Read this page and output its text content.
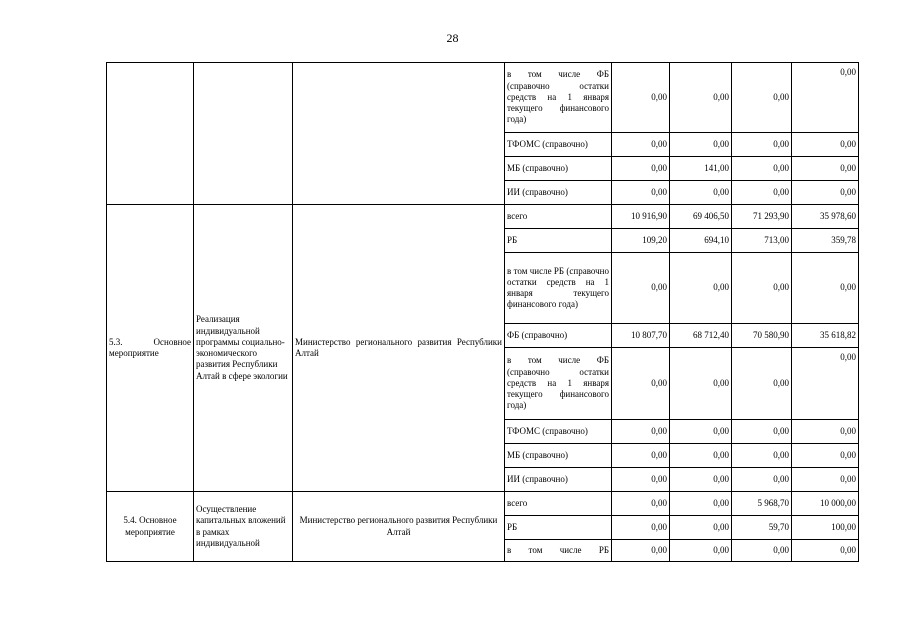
28
			в том числе ФБ (справочно остатки средств на 1 января текущего финансового года)	0,00	0,00	0,00	0,00
			ТФОМС (справочно)	0,00	0,00	0,00	0,00
			МБ (справочно)	0,00	141,00	0,00	0,00
			ИИ (справочно)	0,00	0,00	0,00	0,00
5.3. Основное мероприятие	Реализация индивидуальной программы социально-экономического развития Республики Алтай в сфере экологии	Министерство регионального развития Республики Алтай	всего	10 916,90	69 406,50	71 293,90	35 978,60
			РБ	109,20	694,10	713,00	359,78
			в том числе РБ (справочно остатки средств на 1 января текущего финансового года)	0,00	0,00	0,00	0,00
			ФБ (справочно)	10 807,70	68 712,40	70 580,90	35 618,82
			в том числе ФБ (справочно остатки средств на 1 января текущего финансового года)	0,00	0,00	0,00	0,00
			ТФОМС (справочно)	0,00	0,00	0,00	0,00
			МБ (справочно)	0,00	0,00	0,00	0,00
			ИИ (справочно)	0,00	0,00	0,00	0,00
5.4. Основное мероприятие	Осуществление капитальных вложений в рамках индивидуальной	Министерство регионального развития Республики Алтай	всего	0,00	0,00	5 968,70	10 000,00
			РБ	0,00	0,00	59,70	100,00
			в том числе РБ	0,00	0,00	0,00	0,00
